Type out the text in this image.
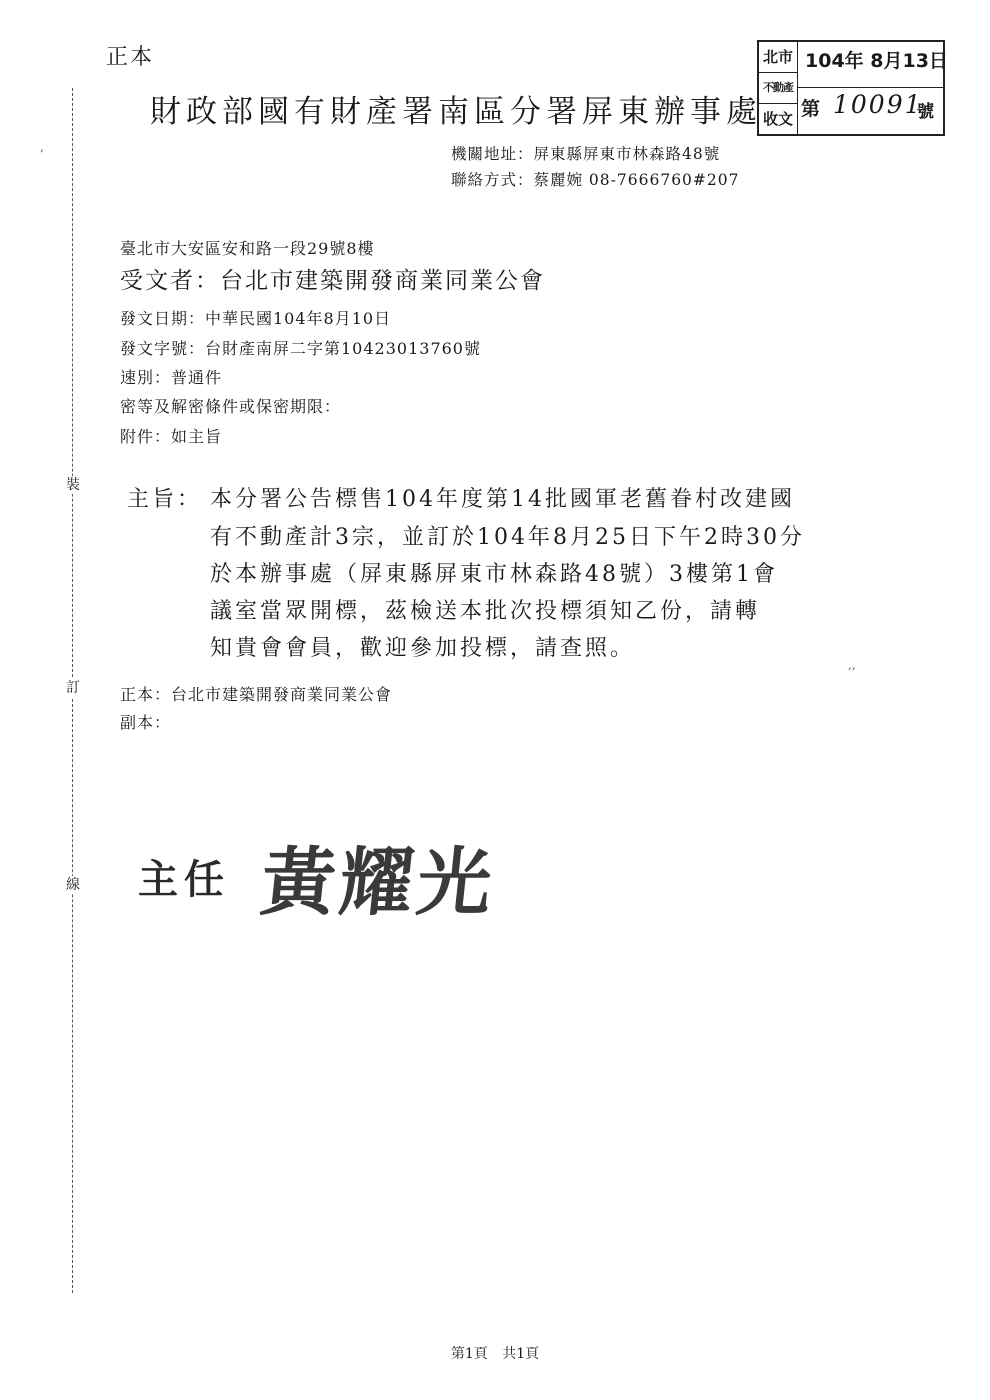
裝
訂
線
正本
財政部國有財產署南區分署屏東辦事處
北市
不動產
收文
104年 8月13日
第 10091
號
機關地址：屏東縣屏東市林森路48號
聯絡方式：蔡麗婉 08-7666760#207
臺北市大安區安和路一段29號8樓
受文者：台北市建築開發商業同業公會
發文日期：中華民國104年8月10日
發文字號：台財產南屏二字第10423013760號
速別：普通件
密等及解密條件或保密期限：
附件：如主旨
主旨： 本分署公告標售104年度第14批國軍老舊眷村改建國
有不動產計3宗，並訂於104年8月25日下午2時30分
於本辦事處（屏東縣屏東市林森路48號）3樓第1會
議室當眾開標，茲檢送本批次投標須知乙份，請轉
知貴會會員，歡迎參加投標，請查照。
正本：台北市建築開發商業同業公會
副本：
主任 黃耀光
,
,,
第1頁 共1頁
